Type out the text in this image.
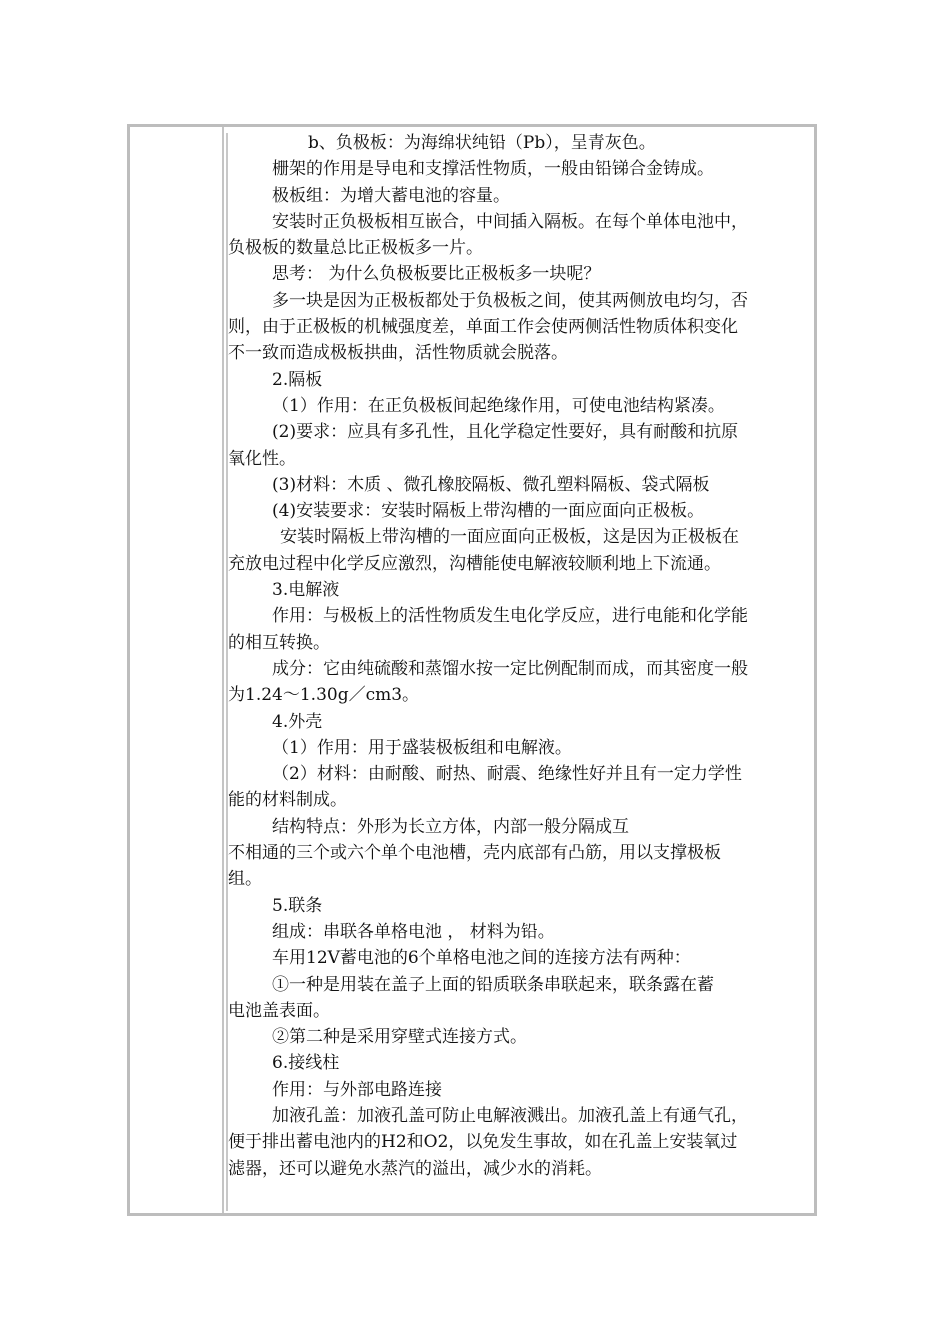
b、负极板：为海绵状纯铅（Pb），呈青灰色。

栅架的作用是导电和支撑活性物质，一般由铅锑合金铸成。

极板组：为增大蓄电池的容量。

安装时正负极板相互嵌合，中间插入隔板。在每个单体电池中，

负极板的数量总比正极板多一片。

思考： 为什么负极板要比正极板多一块呢？

多一块是因为正极板都处于负极板之间，使其两侧放电均匀，否

则，由于正极板的机械强度差，单面工作会使两侧活性物质体积变化

不一致而造成极板拱曲，活性物质就会脱落。

2.隔板

（1）作用：在正负极板间起绝缘作用，可使电池结构紧凑。

(2)要求：应具有多孔性，且化学稳定性要好，具有耐酸和抗原

氧化性。

(3)材料：木质 、微孔橡胶隔板、微孔塑料隔板、袋式隔板

(4)安装要求：安装时隔板上带沟槽的一面应面向正极板。

安装时隔板上带沟槽的一面应面向正极板，这是因为正极板在

充放电过程中化学反应激烈，沟槽能使电解液较顺利地上下流通。

3.电解液

作用：与极板上的活性物质发生电化学反应，进行电能和化学能

的相互转换。

成分：它由纯硫酸和蒸馏水按一定比例配制而成，而其密度一般

为1.24～1.30g／cm3。

4.外壳

（1）作用：用于盛装极板组和电解液。

（2）材料：由耐酸、耐热、耐震、绝缘性好并且有一定力学性

能的材料制成。

结构特点：外形为长立方体，内部一般分隔成互

不相通的三个或六个单个电池槽，壳内底部有凸筋，用以支撑极板

组。

5.联条

组成：串联各单格电池 ， 材料为铅。

车用12V蓄电池的6个单格电池之间的连接方法有两种：

①一种是用装在盖子上面的铅质联条串联起来，联条露在蓄

电池盖表面。

②第二种是采用穿壁式连接方式。

6.接线柱

作用：与外部电路连接

加液孔盖：加液孔盖可防止电解液溅出。加液孔盖上有通气孔，

便于排出蓄电池内的H2和O2，以免发生事故，如在孔盖上安装氧过

滤器，还可以避免水蒸汽的溢出，减少水的消耗。
